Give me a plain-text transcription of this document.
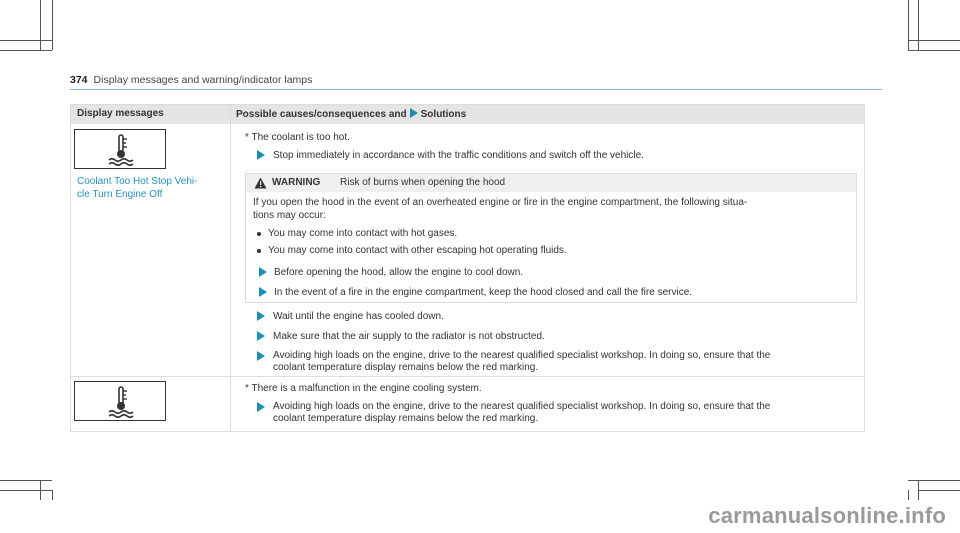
374 Display messages and warning/indicator lamps
Display messages	Possible causes/consequences and Solutions
Coolant Too Hot Stop Vehi-
cle Turn Engine Off
* The coolant is too hot.
Stop immediately in accordance with the traffic conditions and switch off the vehicle.
WARNING Risk of burns when opening the hood
If you open the hood in the event of an overheated engine or fire in the engine compartment, the following situa-
tions may occur:
You may come into contact with hot gases.
You may come into contact with other escaping hot operating fluids.
Before opening the hood, allow the engine to cool down.
In the event of a fire in the engine compartment, keep the hood closed and call the fire service.
Wait until the engine has cooled down.
Make sure that the air supply to the radiator is not obstructed.
Avoiding high loads on the engine, drive to the nearest qualified specialist workshop. In doing so, ensure that the
coolant temperature display remains below the red marking.
* There is a malfunction in the engine cooling system.
Avoiding high loads on the engine, drive to the nearest qualified specialist workshop. In doing so, ensure that the
coolant temperature display remains below the red marking.
carmanualsonline.info
